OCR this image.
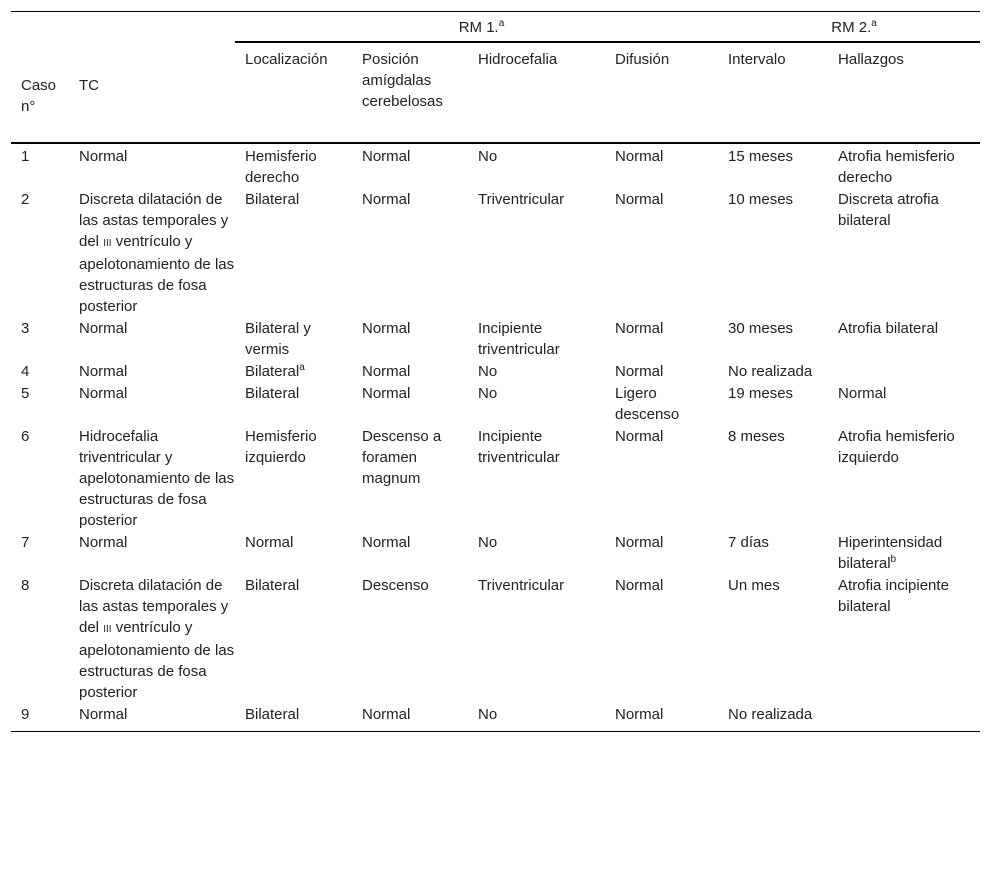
		RM 1.$^a$				RM 2.$^a$
Caso n°	TC	Localización	Posición amígdalas cerebelosas	Hidrocefalia	Difusión	Intervalo	Hallazgos
1	Normal	Hemisferio derecho	Normal	No	Normal	15 meses	Atrofia hemisferio derecho
2	Discreta dilatación de las astas temporales y del III ventrículo y apelotonamiento de las estructuras de fosa posterior	Bilateral	Normal	Triventricular	Normal	10 meses	Discreta atrofia bilateral
3	Normal	Bilateral y vermis	Normal	Incipiente triventricular	Normal	30 meses	Atrofia bilateral
4	Normal	Bilateral$^a$	Normal	No	Normal	No realizada	
5	Normal	Bilateral	Normal	No	Ligero descenso	19 meses	Normal
6	Hidrocefalia triventricular y apelotonamiento de las estructuras de fosa posterior	Hemisferio izquierdo	Descenso a foramen magnum	Incipiente triventricular	Normal	8 meses	Atrofia hemisferio izquierdo
7	Normal	Normal	Normal	No	Normal	7 días	Hiperintensidad bilateral$^b$
8	Discreta dilatación de las astas temporales y del III ventrículo y apelotonamiento de las estructuras de fosa posterior	Bilateral	Descenso	Triventricular	Normal	Un mes	Atrofia incipiente bilateral
9	Normal	Bilateral	Normal	No	Normal	No realizada	
